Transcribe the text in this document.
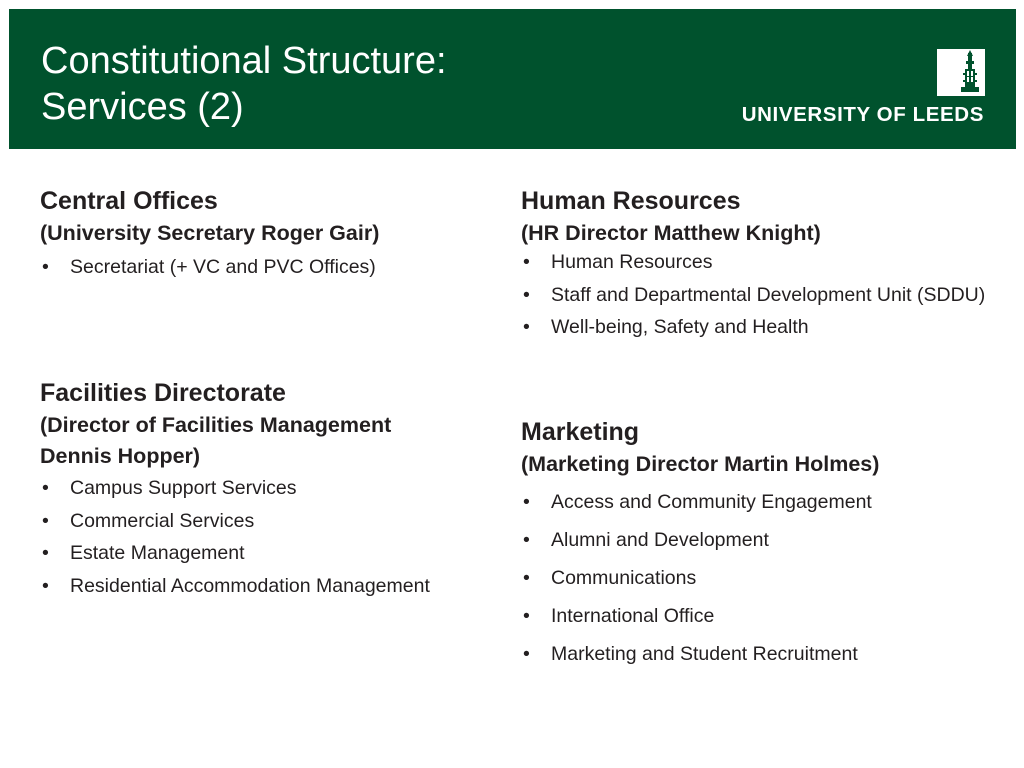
Constitutional Structure:
Services (2)	UNIVERSITY OF LEEDS
Central Offices

(University Secretary Roger Gair)

• Secretariat (+ VC and PVC Offices)
Facilities Directorate

(Director of Facilities Management

Dennis Hopper)

• Campus Support Services
• Commercial Services
• Estate Management
• Residential Accommodation Management
Human Resources

(HR Director Matthew Knight)

• Human Resources
• Staff and Departmental Development Unit (SDDU)
• Well-being, Safety and Health
Marketing

(Marketing Director Martin Holmes)

• Access and Community Engagement
• Alumni and Development
• Communications
• International Office
• Marketing and Student Recruitment
